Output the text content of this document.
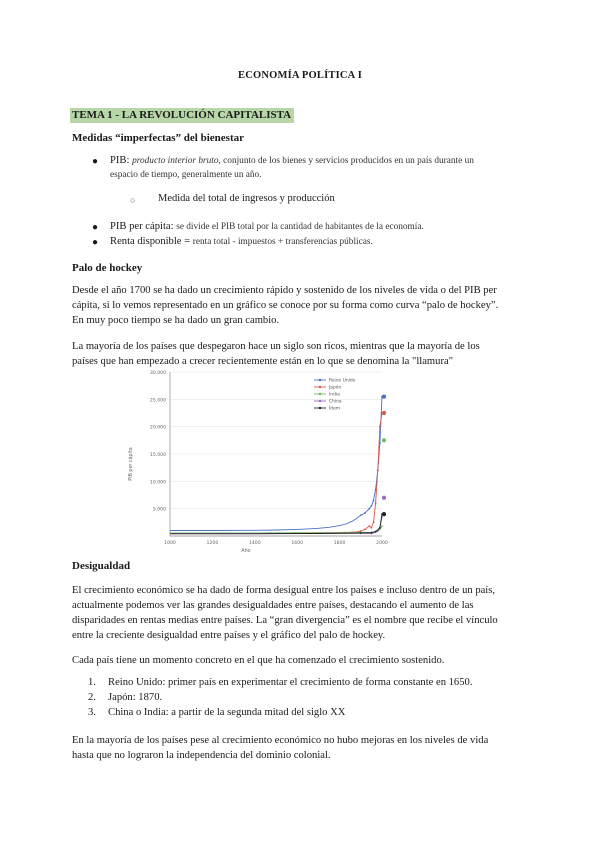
ECONOMÍA POLÍTICA I
TEMA 1 - LA REVOLUCIÓN CAPITALISTA
Medidas “imperfectas” del bienestar
● PIB: producto interior bruto, conjunto de los bienes y servicios producidos en un país durante un
espacio de tiempo, generalmente un año.
○ Medida del total de ingresos y producción
● PIB per cápita: se divide el PIB total por la cantidad de habitantes de la economía.
● Renta disponible = renta total - impuestos + transferencias públicas.
Palo de hockey
Desde el año 1700 se ha dado un crecimiento rápido y sostenido de los niveles de vida o del PIB per
cápita, si lo vemos representado en un gráfico se conoce por su forma como curva “palo de hockey”.
En muy poco tiempo se ha dado un gran cambio.
La mayoría de los países que despegaron hace un siglo son ricos, mientras que la mayoría de los
países que han empezado a crecer recientemente están en lo que se denomina la "llamura"
5.000
10.000
15.000
20.000
25.000
30.000
1000	1200	1400	1600	1800	2000
Año
PIB per cápita
Reino Unido
Japón
India
China
Ídem
Desigualdad
El crecimiento económico se ha dado de forma desigual entre los países e incluso dentro de un país,
actualmente podemos ver las grandes desigualdades entre países, destacando el aumento de las
disparidades en rentas medias entre países. La “gran divergencia” es el nombre que recibe el vínculo
entre la creciente desigualdad entre países y el gráfico del palo de hockey.
Cada país tiene un momento concreto en el que ha comenzado el crecimiento sostenido.
1. Reino Unido: primer país en experimentar el crecimiento de forma constante en 1650.
2. Japón: 1870.
3. China o India: a partir de la segunda mitad del siglo XX
En la mayoría de los países pese al crecimiento económico no hubo mejoras en los niveles de vida
hasta que no lograron la independencia del dominio colonial.
